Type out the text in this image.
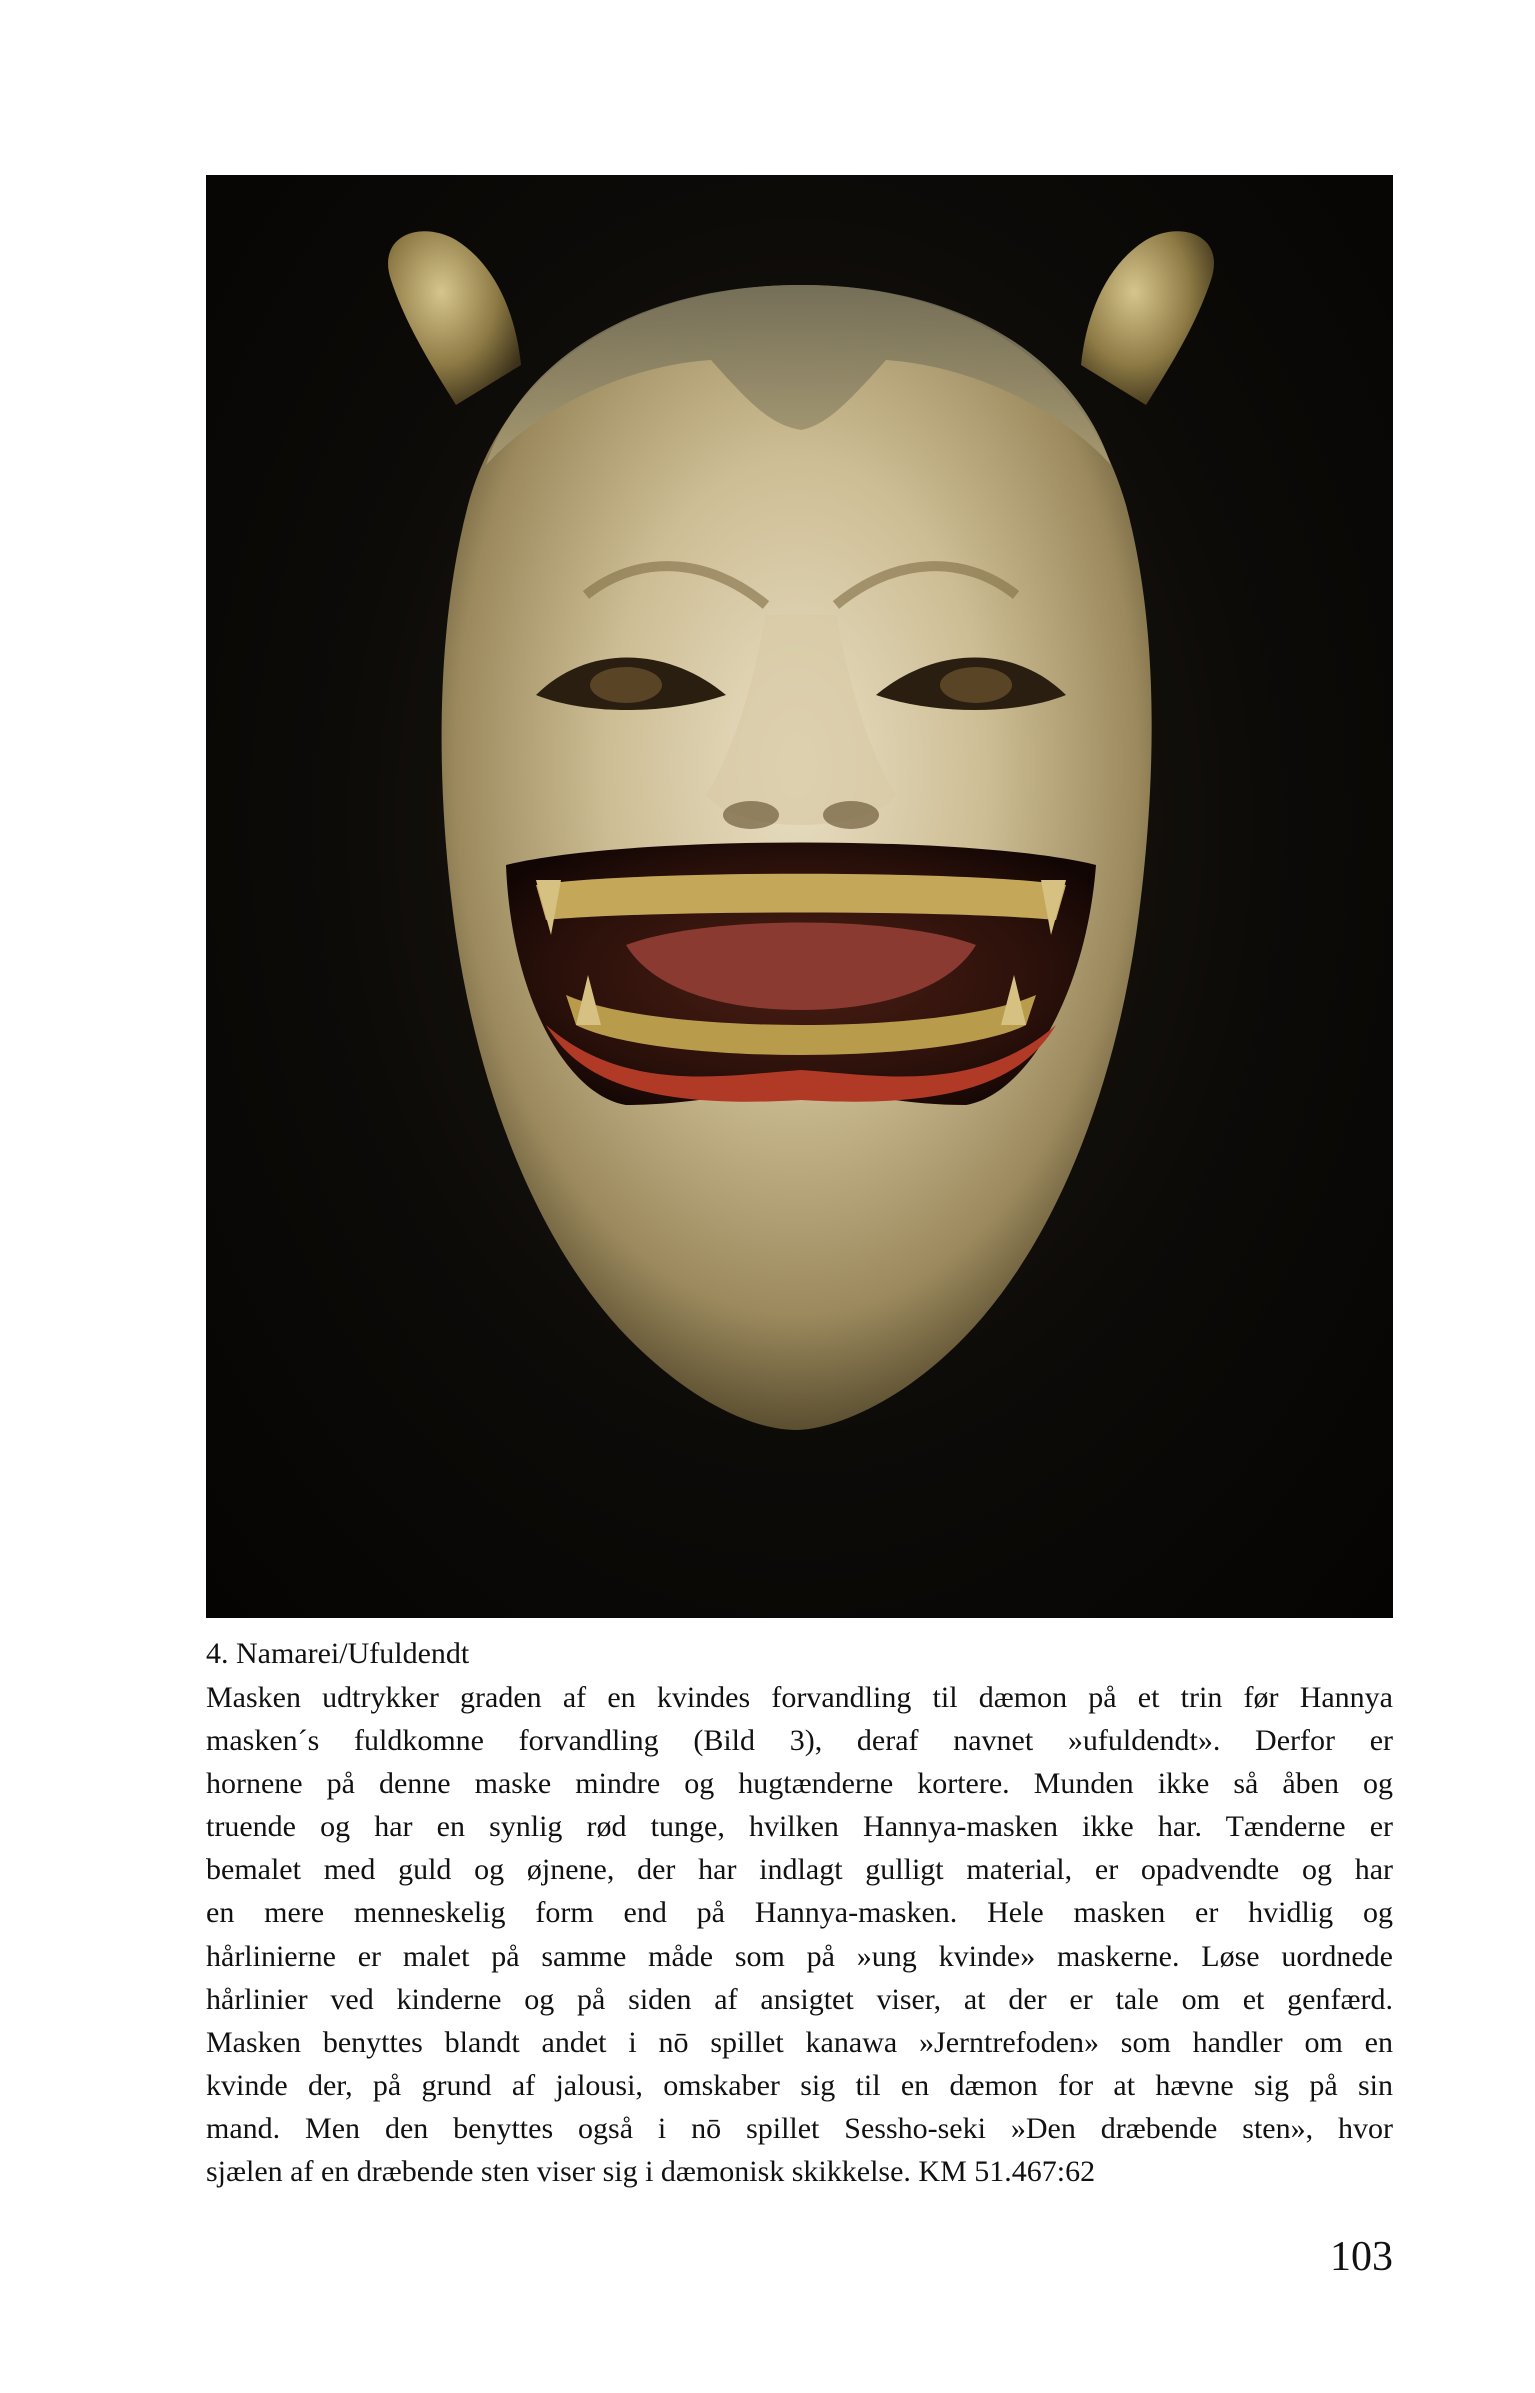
4. Namarei/Ufuldendt

Masken udtrykker graden af en kvindes forvandling til dæmon på et trin før Hannya

masken´s fuldkomne forvandling (Bild 3), deraf navnet »ufuldendt». Derfor er

hornene på denne maske mindre og hugtænderne kortere. Munden ikke så åben og

truende og har en synlig rød tunge, hvilken Hannya-masken ikke har. Tænderne er

bemalet med guld og øjnene, der har indlagt gulligt material, er opadvendte og har

en mere menneskelig form end på Hannya-masken. Hele masken er hvidlig og

hårlinierne er malet på samme måde som på »ung kvinde» maskerne. Løse uordnede

hårlinier ved kinderne og på siden af ansigtet viser, at der er tale om et genfærd.

Masken benyttes blandt andet i nō spillet kanawa »Jerntrefoden» som handler om en

kvinde der, på grund af jalousi, omskaber sig til en dæmon for at hævne sig på sin

mand. Men den benyttes også i nō spillet Sessho-seki »Den dræbende sten», hvor

sjælen af en dræbende sten viser sig i dæmonisk skikkelse. KM 51.467:62

103
